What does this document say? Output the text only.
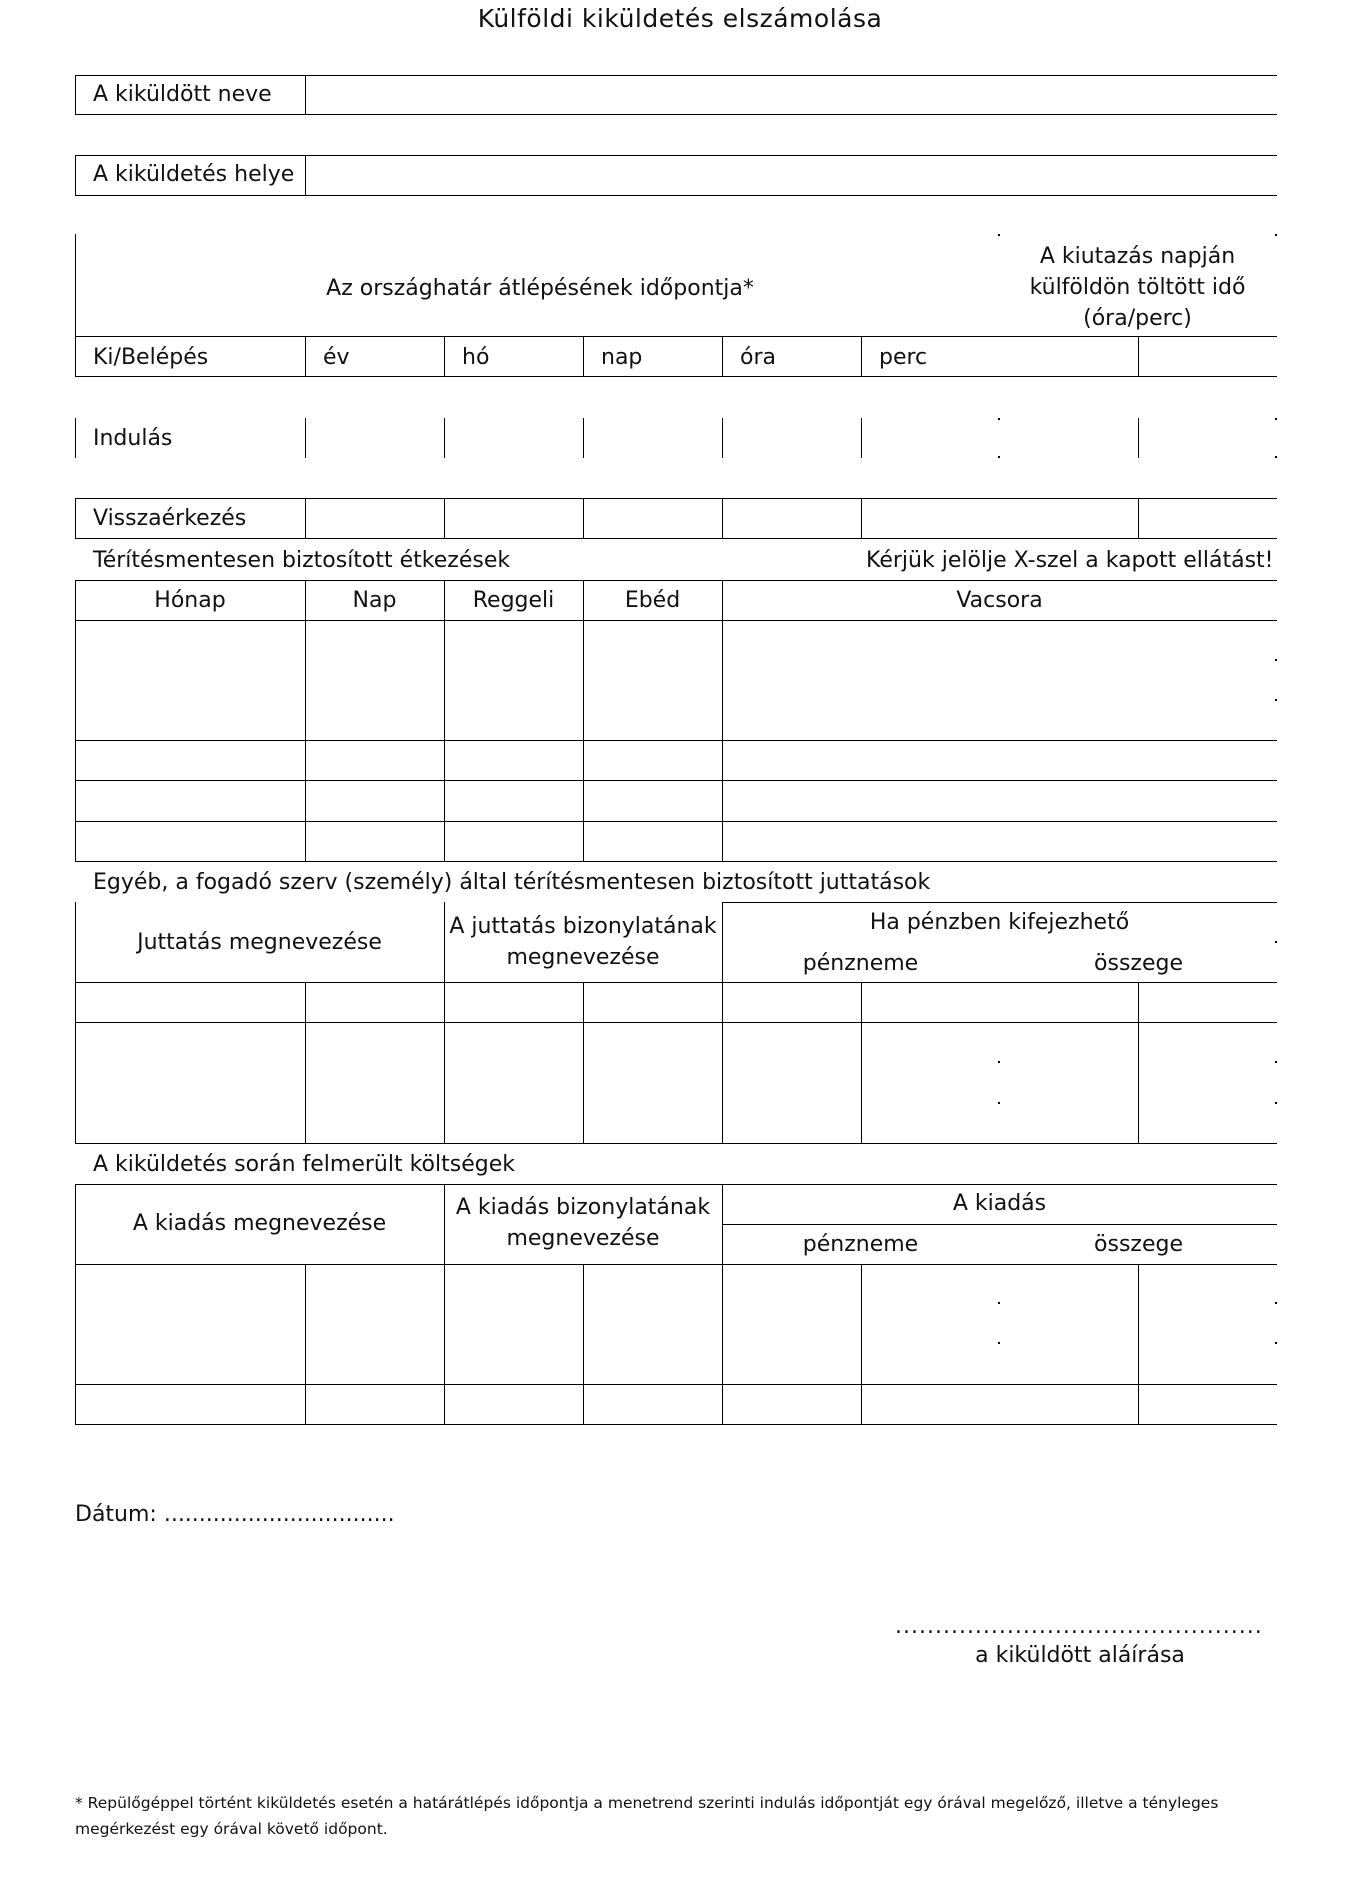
Külföldi kiküldetés elszámolása
A kiküldött neve
A kiküldetés helye
Az országhatár átlépésének időpontja*
A kiutazás napján
külföldön töltött idő
(óra/perc)
Ki/Belépés	év	hó	nap	óra	perc
Indulás
Visszaérkezés
Térítésmentesen biztosított étkezések	Kérjük jelölje X-szel a kapott ellátást!
Hónap	Nap	Reggeli	Ebéd	Vacsora
Egyéb, a fogadó szerv (személy) által térítésmentesen biztosított juttatások
Juttatás megnevezése
A juttatás bizonylatának
megnevezése
Ha pénzben kifejezhető
pénzneme	összege
A kiküldetés során felmerült költségek
A kiadás megnevezése
A kiadás bizonylatának
megnevezése
A kiadás
pénzneme	összege
Dátum: .................................
..............................................
a kiküldött aláírása
* Repülőgéppel történt kiküldetés esetén a határátlépés időpontja a menetrend szerinti indulás időpontját egy órával megelőző, illetve a tényleges megérkezést egy órával követő időpont.
